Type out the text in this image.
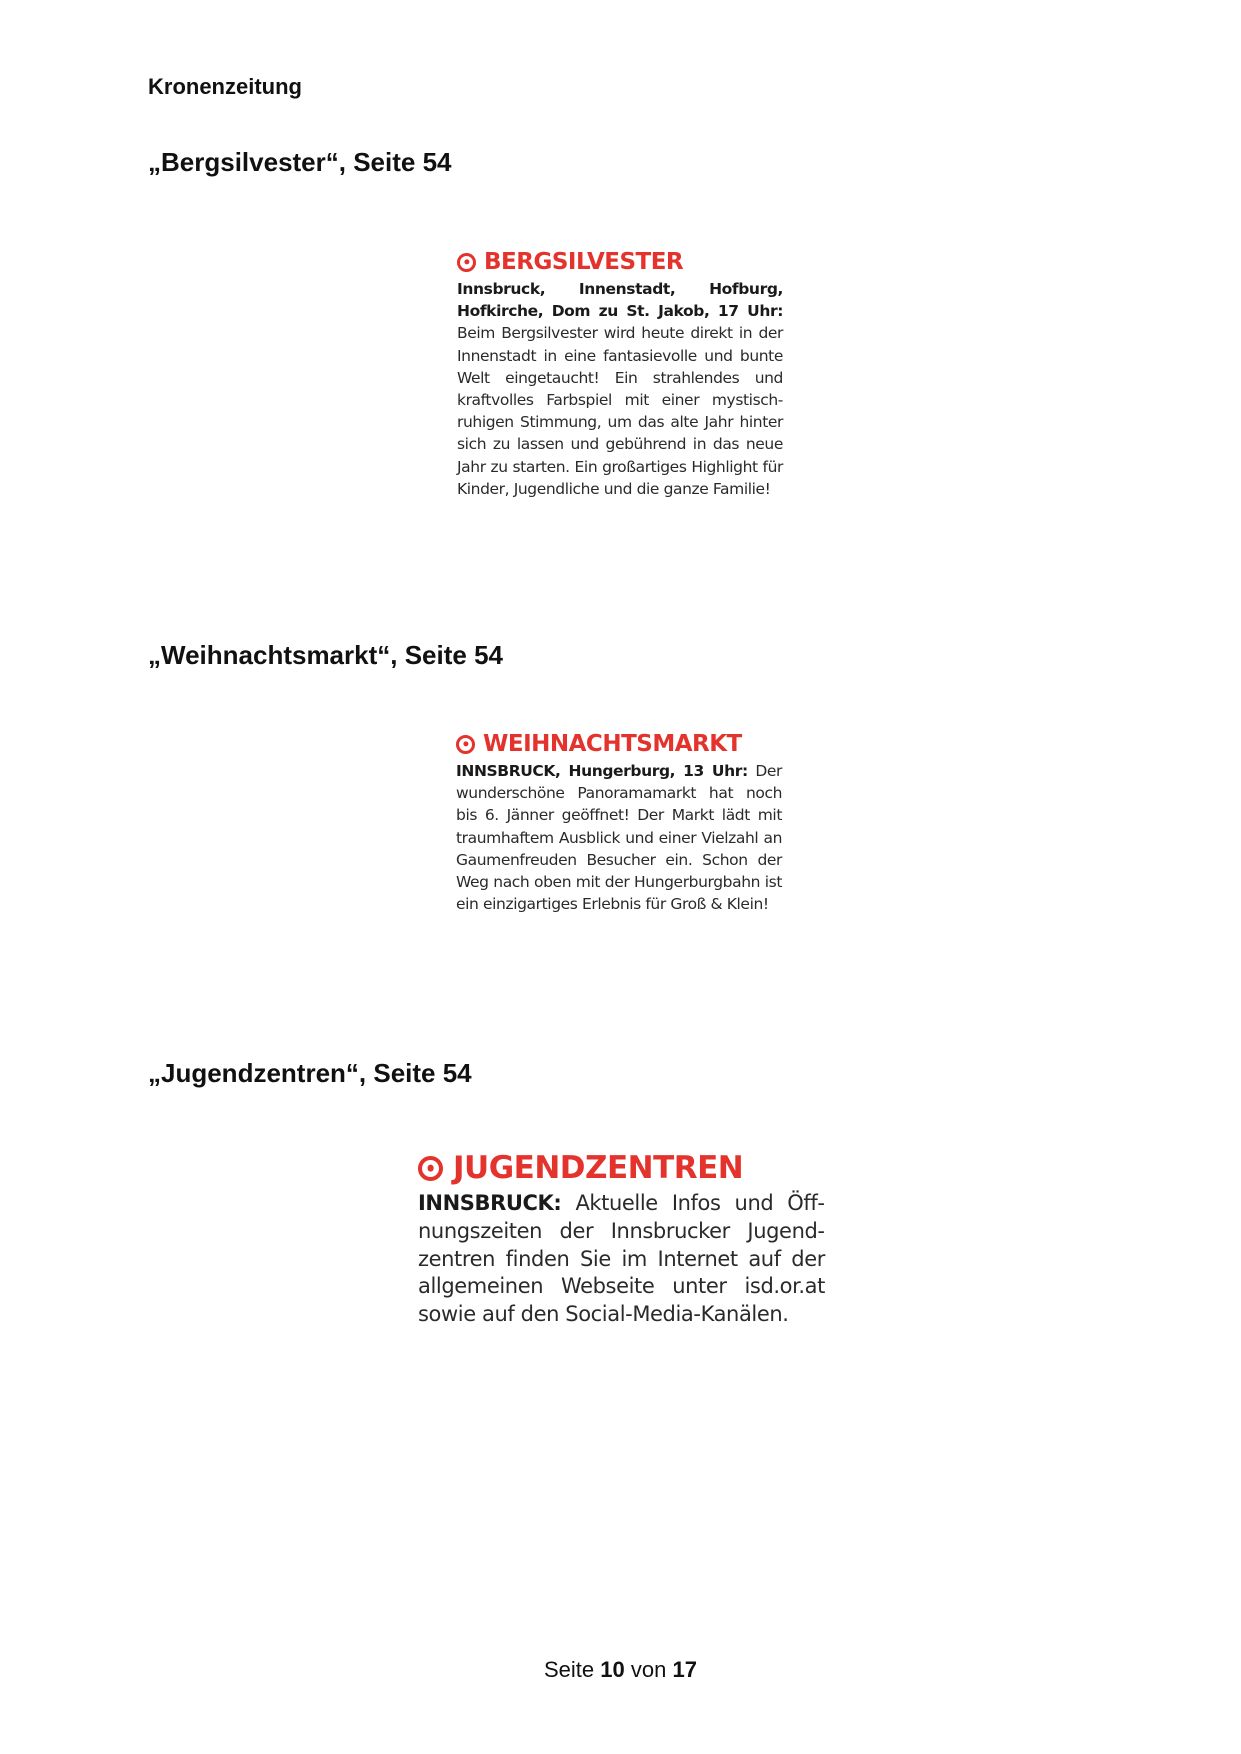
Kronenzeitung

„Bergsilvester“, Seite 54
BERGSILVESTER

Innsbruck, Innenstadt, Hofburg, Hofkirche, Dom zu St. Jakob, 17 Uhr: Beim Bergsilvester wird heute direkt in der Innenstadt in eine fantasievolle und bunte Welt eingetaucht! Ein strahlendes und kraftvolles Farbspiel mit einer mystisch-ruhigen Stimmung, um das alte Jahr hinter sich zu lassen und gebührend in das neue Jahr zu starten. Ein großartiges Highlight für Kinder, Jugendliche und die ganze Familie!

„Weihnachtsmarkt“, Seite 54
WEIHNACHTSMARKT

INNSBRUCK, Hungerburg, 13 Uhr: Der wunderschöne Panoramamarkt hat noch bis 6. Jänner geöffnet! Der Markt lädt mit traumhaftem Ausblick und einer Vielzahl an Gaumenfreuden Besucher ein. Schon der Weg nach oben mit der Hungerburgbahn ist ein einzigartiges Erlebnis für Groß & Klein!

„Jugendzentren“, Seite 54
JUGENDZENTREN

INNSBRUCK: Aktuelle Infos und Öffnungszeiten der Innsbrucker Jugendzentren finden Sie im Internet auf der allgemeinen Webseite unter isd.or.at sowie auf den Social-Media-Kanälen.

Seite 10 von 17
